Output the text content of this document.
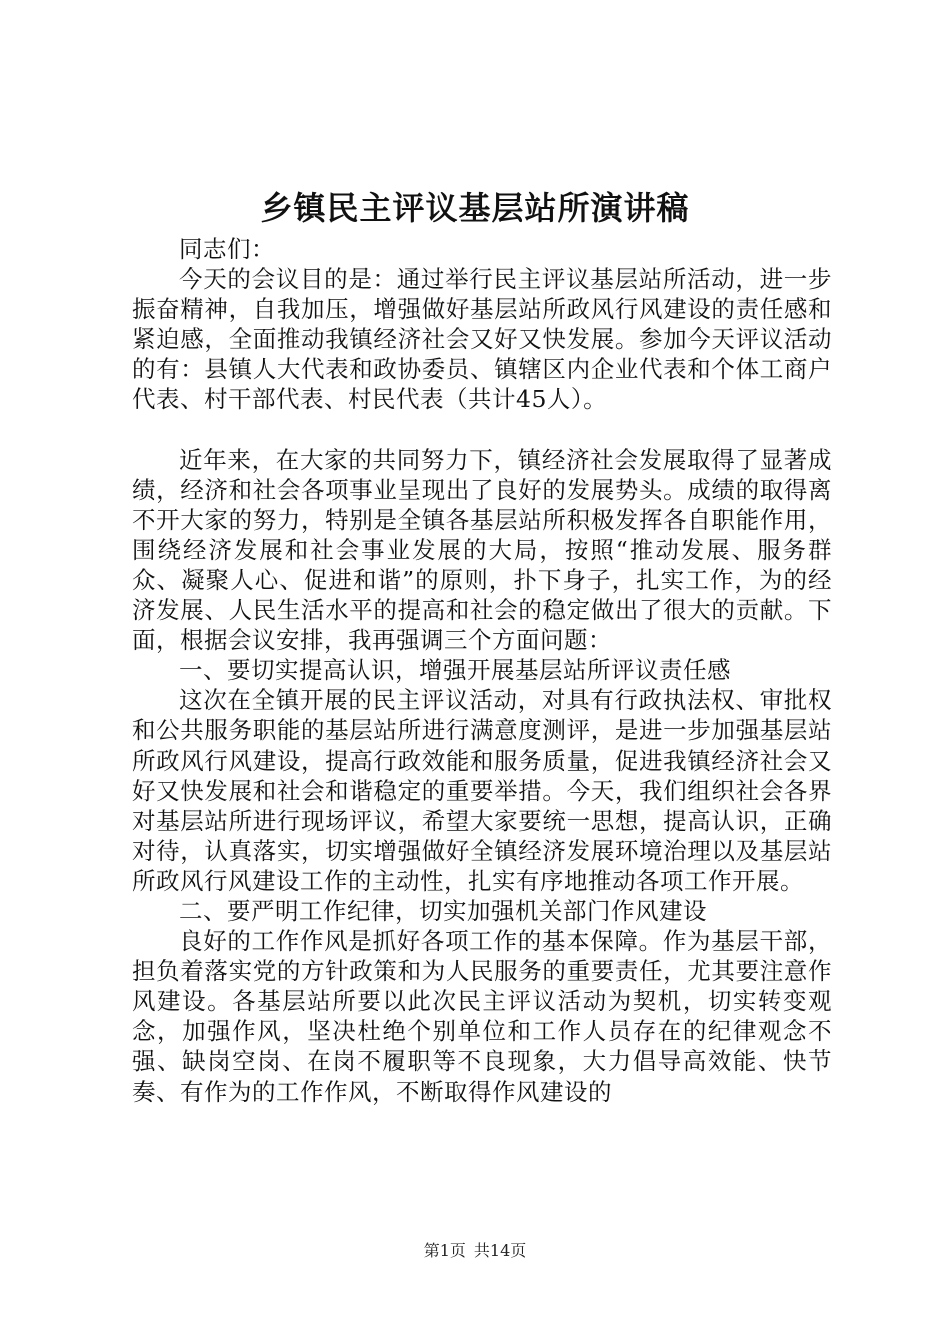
乡镇民主评议基层站所演讲稿

同志们：

今天的会议目的是：通过举行民主评议基层站所活动，进一步振奋精神，自我加压，增强做好基层站所政风行风建设的责任感和紧迫感，全面推动我镇经济社会又好又快发展。参加今天评议活动的有：县镇人大代表和政协委员、镇辖区内企业代表和个体工商户代表、村干部代表、村民代表（共计45人）。

近年来，在大家的共同努力下，镇经济社会发展取得了显著成绩，经济和社会各项事业呈现出了良好的发展势头。成绩的取得离不开大家的努力，特别是全镇各基层站所积极发挥各自职能作用，围绕经济发展和社会事业发展的大局，按照“推动发展、服务群众、凝聚人心、促进和谐”的原则，扑下身子，扎实工作，为的经济发展、人民生活水平的提高和社会的稳定做出了很大的贡献。下面，根据会议安排，我再强调三个方面问题：

一、要切实提高认识，增强开展基层站所评议责任感

这次在全镇开展的民主评议活动，对具有行政执法权、审批权和公共服务职能的基层站所进行满意度测评，是进一步加强基层站所政风行风建设，提高行政效能和服务质量，促进我镇经济社会又好又快发展和社会和谐稳定的重要举措。今天，我们组织社会各界对基层站所进行现场评议，希望大家要统一思想，提高认识，正确对待，认真落实，切实增强做好全镇经济发展环境治理以及基层站所政风行风建设工作的主动性，扎实有序地推动各项工作开展。

二、要严明工作纪律，切实加强机关部门作风建设

良好的工作作风是抓好各项工作的基本保障。作为基层干部，担负着落实党的方针政策和为人民服务的重要责任，尤其要注意作风建设。各基层站所要以此次民主评议活动为契机，切实转变观念，加强作风，坚决杜绝个别单位和工作人员存在的纪律观念不强、缺岗空岗、在岗不履职等不良现象，大力倡导高效能、快节奏、有作为的工作作风，不断取得作风建设的

第1页 共14页
